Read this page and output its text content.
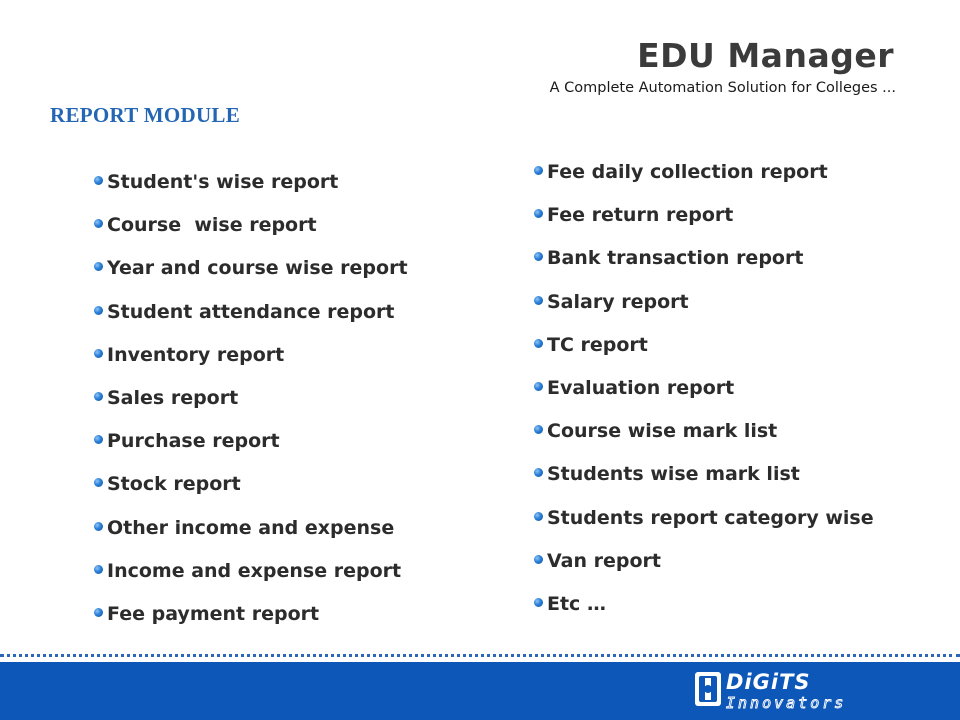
EDU Manager
A Complete Automation Solution for Colleges ...
REPORT MODULE
Student's wise report
Course  wise report
Year and course wise report
Student attendance report
Inventory report
Sales report
Purchase report
Stock report
Other income and expense
Income and expense report
Fee payment report
Fee daily collection report
Fee return report
Bank transaction report
Salary report
TC report
Evaluation report
Course wise mark list
Students wise mark list
Students report category wise
Van report
Etc …
DiGiTS
Innovators
